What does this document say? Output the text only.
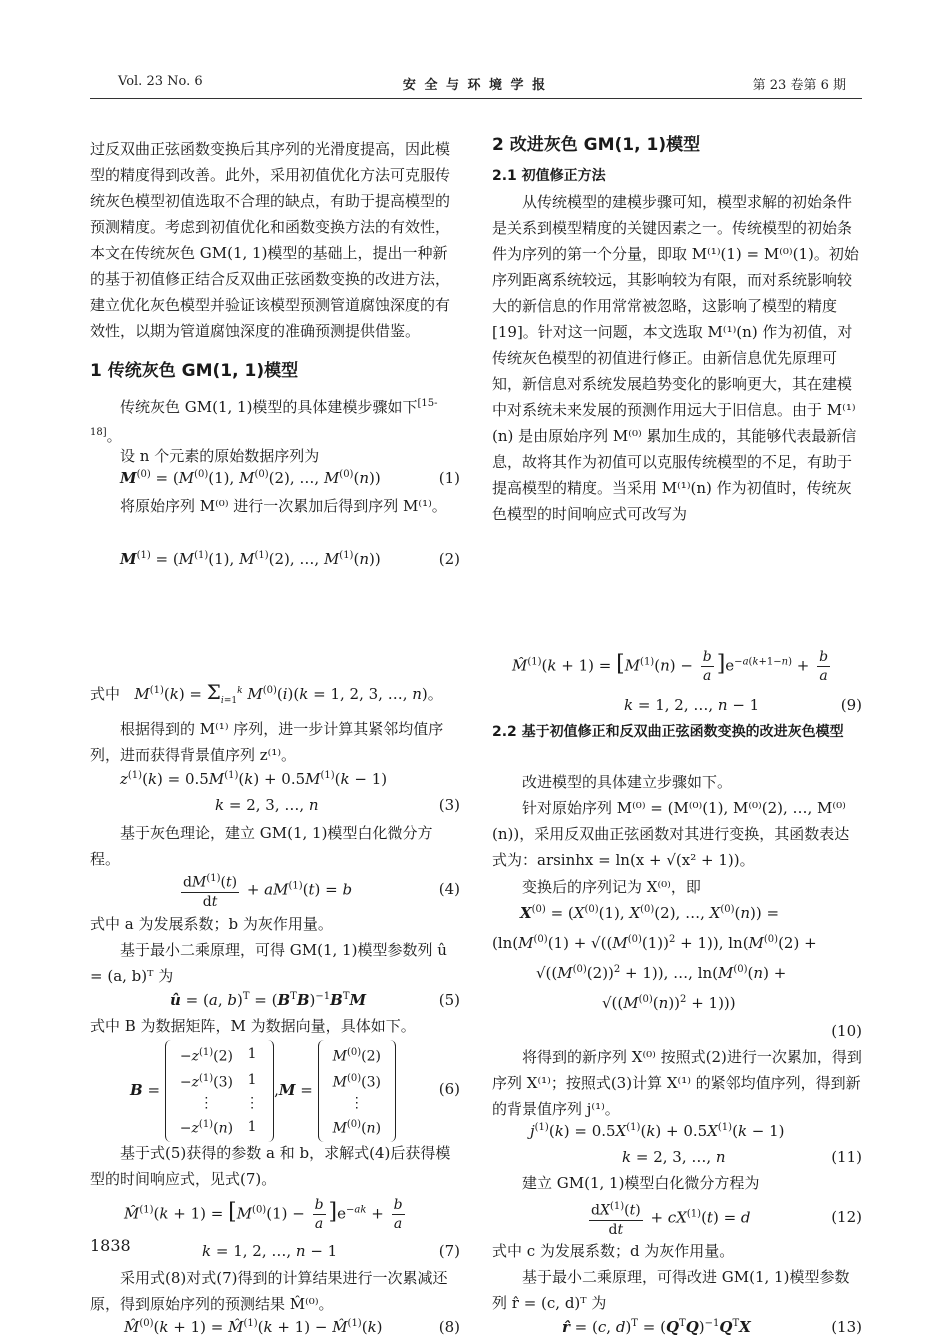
Vol. 23 No. 6	安 全 与 环 境 学 报	第 23 卷第 6 期
过反双曲正弦函数变换后其序列的光滑度提高，因此模型的精度得到改善。此外，采用初值优化方法可克服传统灰色模型初值选取不合理的缺点，有助于提高模型的预测精度。考虑到初值优化和函数变换方法的有效性，本文在传统灰色 GM(1, 1)模型的基础上，提出一种新的基于初值修正结合反双曲正弦函数变换的改进方法，建立优化灰色模型并验证该模型预测管道腐蚀深度的有效性，以期为管道腐蚀深度的准确预测提供借鉴。
1 传统灰色 GM(1, 1)模型
传统灰色 GM(1, 1)模型的具体建模步骤如下[15-18]。
设 n 个元素的原始数据序列为
$M^{(0)} = (M^{(0)}(1)$, $M^{(0)}(2)$, …, $M^{(0)}(n)$)	(1)
将原始序列 M⁽⁰⁾ 进行一次累加后得到序列 M⁽¹⁾。
$M^{(1)} = (M^{(1)}(1)$, $M^{(1)}(2)$, …, $M^{(1)}(n)$)	(2)
式中 $M^{(1)}(k) = \Sigma_{i=1}^k$ $M^{(0)}(i)(k = 1$, 2, 3, …, n)。
根据得到的 M⁽¹⁾ 序列，进一步计算其紧邻均值序列，进而获得背景值序列 z⁽¹⁾。
$z^{(1)}(k) = 0.5M^{(1)}(k) + 0.5M^{(1)}(k - 1)$
k = 2, 3, …, n	(3)
基于灰色理论，建立 GM(1, 1)模型白化微分方程。
$\frac{dM^{(1)}(t)}{dt} + aM^{(1)}(t) = b$	(4)
式中 a 为发展系数；b 为灰作用量。
基于最小二乘原理，可得 GM(1, 1)模型参数列 û = (a, b)ᵀ 为
û = (a, $b)^T = (B^TB)^{-1}B^TM$	(5)
式中 B 为数据矩阵，M 为数据向量，具体如下。
B =
$-z^{(1)}(2)$	1
$-z^{(1)}(3)$	1
⋮	⋮
$-z^{(1)}(n)$	1
,M =
$M^{(0)}(2)$
$M^{(0)}(3)$
⋮
$M^{(0)}(n)$
(6)
基于式(5)获得的参数 a 和 b，求解式(4)后获得模型的时间响应式，见式(7)。
M̂$^{(1)}$(k + $1) = [M^{(0)}(1) - \frac{b}{a} ]e^{-ak} + \frac{b}{a}$
k = 1, 2, …, n − 1	(7)
采用式(8)对式(7)得到的计算结果进行一次累减还原，得到原始序列的预测结果 M̂⁽⁰⁾。
M̂$^{(0)}$(k + 1) = M̂$^{(1)}$(k + 1) − M̂$^{(1)}$(k)	(8)
1838
2 改进灰色 GM(1, 1)模型
2.1 初值修正方法
从传统模型的建模步骤可知，模型求解的初始条件是关系到模型精度的关键因素之一。传统模型的初始条件为序列的第一个分量，即取 M⁽¹⁾(1) = M⁽⁰⁾(1)。初始序列距离系统较远，其影响较为有限，而对系统影响较大的新信息的作用常常被忽略，这影响了模型的精度[19]。针对这一问题，本文选取 M⁽¹⁾(n) 作为初值，对传统灰色模型的初值进行修正。由新信息优先原理可知，新信息对系统发展趋势变化的影响更大，其在建模中对系统未来发展的预测作用远大于旧信息。由于 M⁽¹⁾(n) 是由原始序列 M⁽⁰⁾ 累加生成的，其能够代表最新信息，故将其作为初值可以克服传统模型的不足，有助于提高模型的精度。当采用 M⁽¹⁾(n) 作为初值时，传统灰色模型的时间响应式可改写为
M̂$^{(1)}$(k + $1) = [M^{(1)}(n) - \frac{b}{a} ]e^{-a(k+1-n)} + \frac{b}{a}$
k = 1, 2, …, n − 1	(9)
2.2 基于初值修正和反双曲正弦函数变换的改进灰色模型
改进模型的具体建立步骤如下。
针对原始序列 M⁽⁰⁾ = (M⁽⁰⁾(1), M⁽⁰⁾(2), …, M⁽⁰⁾(n))，采用反双曲正弦函数对其进行变换，其函数表达式为：arsinhx = ln(x + √(x² + 1))。
变换后的序列记为 X⁽⁰⁾，即
$X^{(0)} = (X^{(0)}(1)$, $X^{(0)}(2)$, …, $X^{(0)}(n)$) =
($\ln(M^{(0)}(1) + √((M^{(0)}(1))^2 + 1))$, $\ln(M^{(0)}(2)$ +
$√((M^{(0)}(2))^2 + 1)$), …, $\ln(M^{(0)}(n)$ +
$√((M^{(0)}(n))^2 + 1)$))
(10)
将得到的新序列 X⁽⁰⁾ 按照式(2)进行一次累加，得到序列 X⁽¹⁾；按照式(3)计算 X⁽¹⁾ 的紧邻均值序列，得到新的背景值序列 j⁽¹⁾。
$j^{(1)}(k) = 0.5X^{(1)}(k) + 0.5X^{(1)}(k - 1)$
k = 2, 3, …, n	(11)
建立 GM(1, 1)模型白化微分方程为
$\frac{dX^{(1)}(t)}{dt} + cX^{(1)}(t) = d$	(12)
式中 c 为发展系数；d 为灰作用量。
基于最小二乘原理，可得改进 GM(1, 1)模型参数列 r̂ = (c, d)ᵀ 为
r̂ = (c, $d)^T = (Q^TQ)^{-1}Q^TX$	(13)
